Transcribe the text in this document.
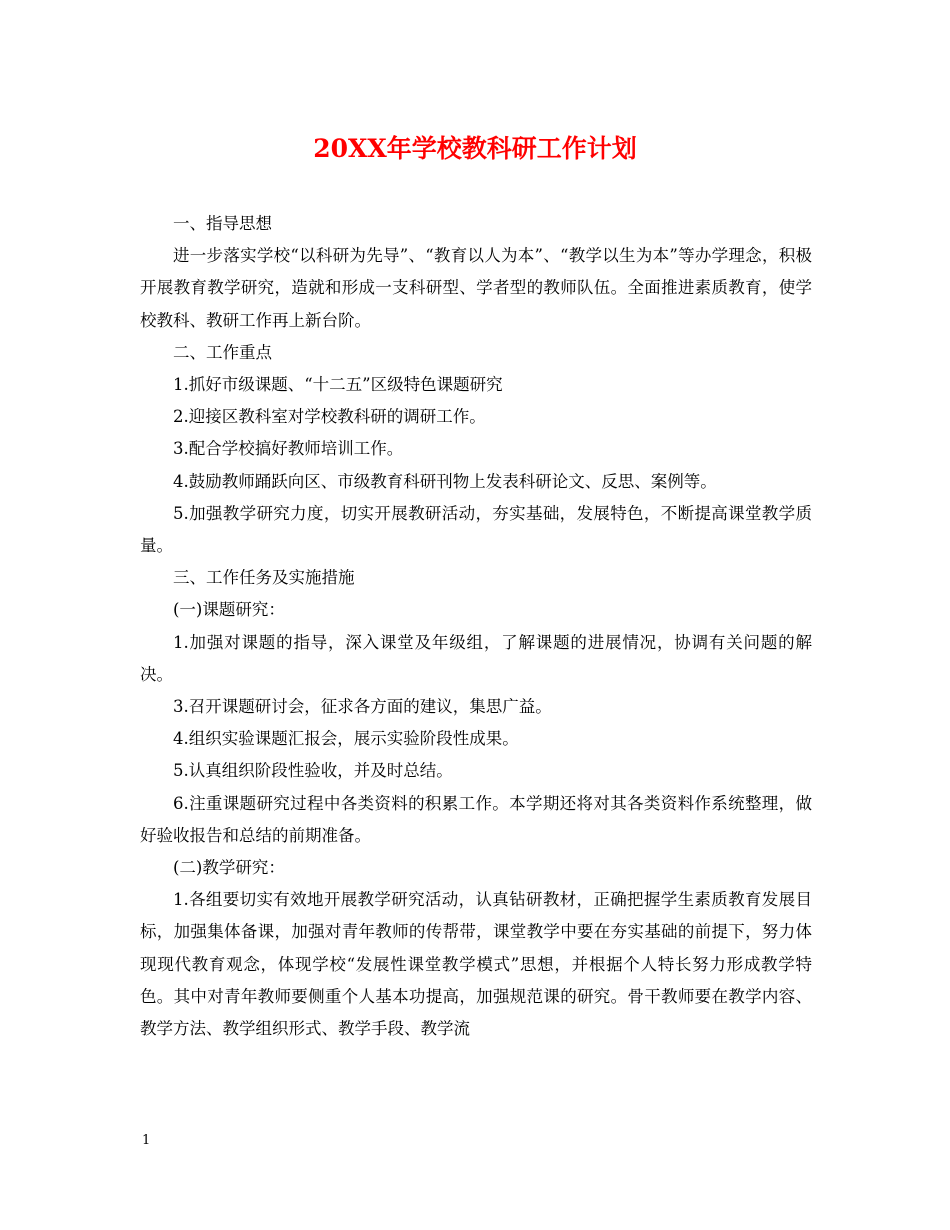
20XX年学校教科研工作计划

一、指导思想

进一步落实学校“以科研为先导”、“教育以人为本”、“教学以生为本”等办学理念，积极开展教育教学研究，造就和形成一支科研型、学者型的教师队伍。全面推进素质教育，使学校教科、教研工作再上新台阶。

二、工作重点

1.抓好市级课题、“十二五”区级特色课题研究

2.迎接区教科室对学校教科研的调研工作。

3.配合学校搞好教师培训工作。

4.鼓励教师踊跃向区、市级教育科研刊物上发表科研论文、反思、案例等。

5.加强教学研究力度，切实开展教研活动，夯实基础，发展特色，不断提高课堂教学质量。

三、工作任务及实施措施

(一)课题研究：

1.加强对课题的指导，深入课堂及年级组，了解课题的进展情况，协调有关问题的解决。

3.召开课题研讨会，征求各方面的建议，集思广益。

4.组织实验课题汇报会，展示实验阶段性成果。

5.认真组织阶段性验收，并及时总结。

6.注重课题研究过程中各类资料的积累工作。本学期还将对其各类资料作系统整理，做好验收报告和总结的前期准备。

(二)教学研究：

1.各组要切实有效地开展教学研究活动，认真钻研教材，正确把握学生素质教育发展目标，加强集体备课，加强对青年教师的传帮带，课堂教学中要在夯实基础的前提下，努力体现现代教育观念，体现学校“发展性课堂教学模式”思想，并根据个人特长努力形成教学特色。其中对青年教师要侧重个人基本功提高，加强规范课的研究。骨干教师要在教学内容、教学方法、教学组织形式、教学手段、教学流

1
